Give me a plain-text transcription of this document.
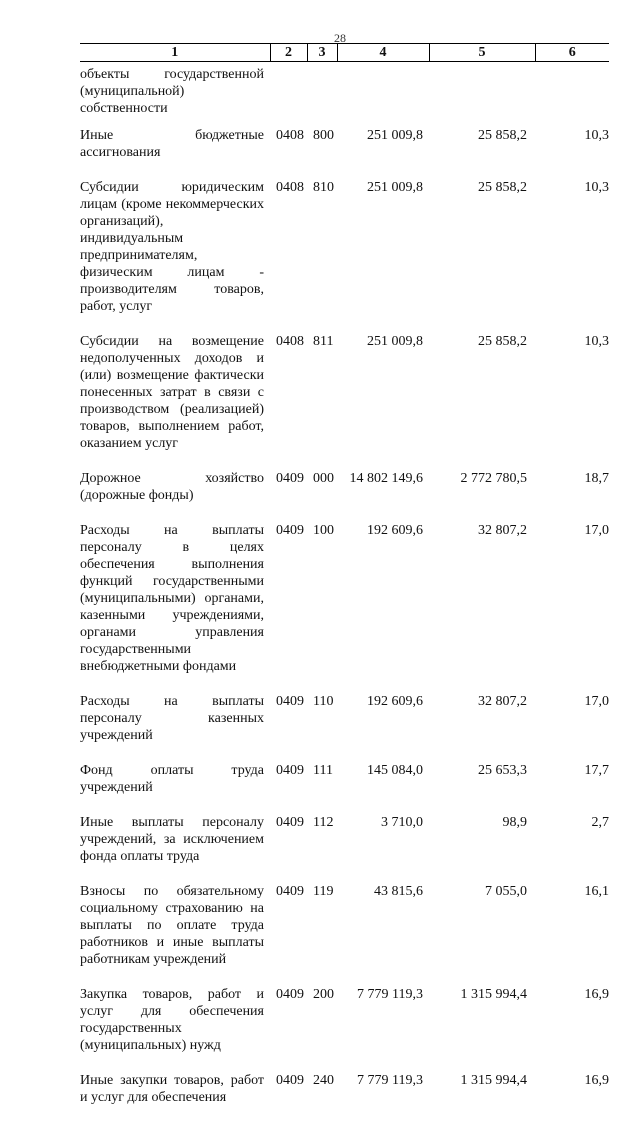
28
1	2	3	4	5	6
объекты государственной (муниципальной) собственности					
Иные бюджетные ассигнования	0408	800	251 009,8	25 858,2	10,3
Субсидии юридическим лицам (кроме некоммерческих организаций), индивидуальным предпринимателям, физическим лицам - производителям товаров, работ, услуг	0408	810	251 009,8	25 858,2	10,3
Субсидии на возмещение недополученных доходов и (или) возмещение фактически понесенных затрат в связи с производством (реализацией) товаров, выполнением работ, оказанием услуг	0408	811	251 009,8	25 858,2	10,3
Дорожное хозяйство (дорожные фонды)	0409	000	14 802 149,6	2 772 780,5	18,7
Расходы на выплаты персоналу в целях обеспечения выполнения функций государственными (муниципальными) органами, казенными учреждениями, органами управления государственными внебюджетными фондами	0409	100	192 609,6	32 807,2	17,0
Расходы на выплаты персоналу казенных учреждений	0409	110	192 609,6	32 807,2	17,0
Фонд оплаты труда учреждений	0409	111	145 084,0	25 653,3	17,7
Иные выплаты персоналу учреждений, за исключением фонда оплаты труда	0409	112	3 710,0	98,9	2,7
Взносы по обязательному социальному страхованию на выплаты по оплате труда работников и иные выплаты работникам учреждений	0409	119	43 815,6	7 055,0	16,1
Закупка товаров, работ и услуг для обеспечения государственных (муниципальных) нужд	0409	200	7 779 119,3	1 315 994,4	16,9
Иные закупки товаров, работ и услуг для обеспечения	0409	240	7 779 119,3	1 315 994,4	16,9
